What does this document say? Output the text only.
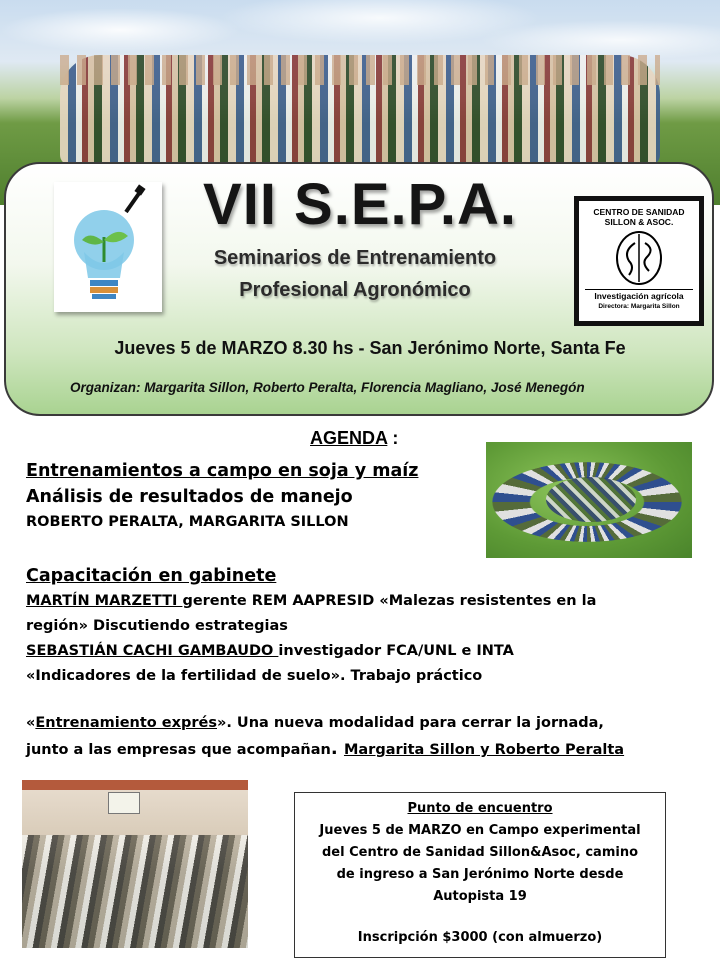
VII S.E.P.A.

Seminarios de Entrenamiento

Profesional Agronómico

CENTRO DE SANIDAD
SILLON & ASOC.
Investigación agrícola
Directora: Margarita Sillon

Jueves 5 de MARZO 8.30 hs - San Jerónimo Norte, Santa Fe

Organizan: Margarita Sillon, Roberto Peralta, Florencia Magliano, José Menegón

AGENDA :

Entrenamientos a campo en soja y maíz

Análisis de resultados de manejo

ROBERTO PERALTA, MARGARITA SILLON

Capacitación en gabinete

MARTÍN MARZETTI gerente REM AAPRESID «Malezas resistentes en la

región» Discutiendo estrategias

SEBASTIÁN CACHI GAMBAUDO investigador FCA/UNL e INTA

«Indicadores de la fertilidad de suelo». Trabajo práctico

«Entrenamiento exprés». Una nueva modalidad para cerrar la jornada,

junto a las empresas que acompañan. Margarita Sillon y Roberto Peralta

Punto de encuentro

Jueves 5 de MARZO en Campo experimental

del Centro de Sanidad Sillon&Asoc, camino

de ingreso a San Jerónimo Norte desde

Autopista 19

Inscripción $3000 (con almuerzo)
